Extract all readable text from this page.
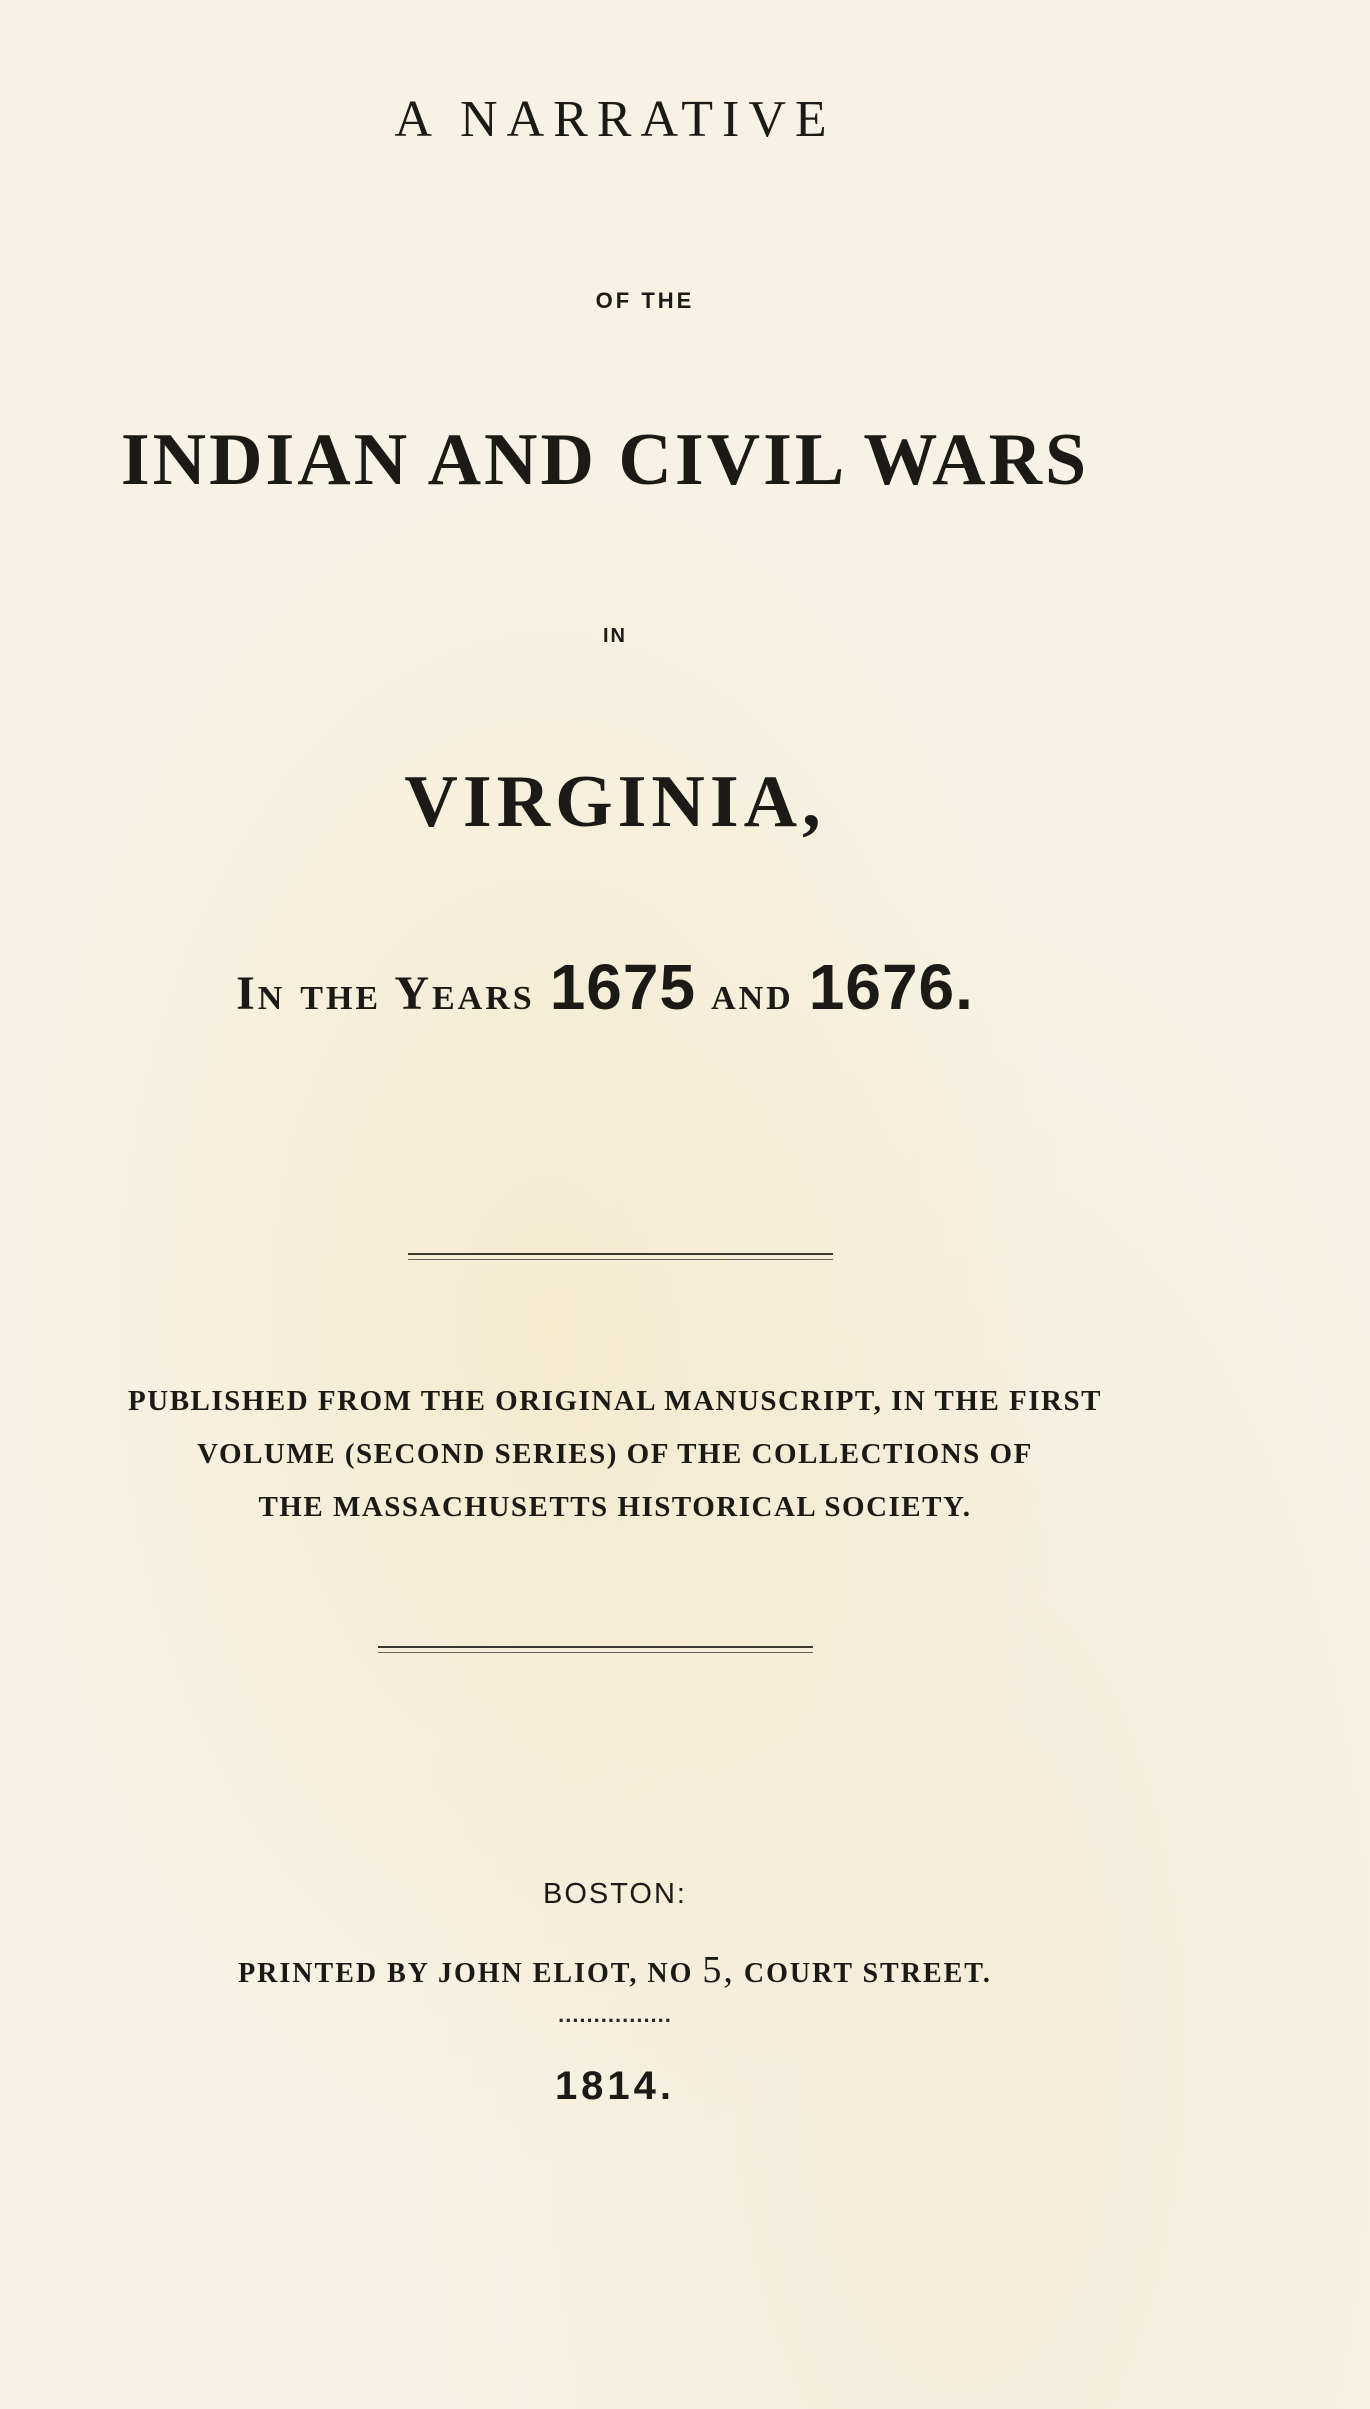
A NARRATIVE
OF THE
INDIAN AND CIVIL WARS
IN
VIRGINIA,
In the Years 1675 and 1676.
PUBLISHED FROM THE ORIGINAL MANUSCRIPT, IN THE FIRST
VOLUME (SECOND SERIES) OF THE COLLECTIONS OF
THE MASSACHUSETTS HISTORICAL SOCIETY.
BOSTON:
PRINTED BY JOHN ELIOT, NO 5, COURT STREET.
................
1814.
